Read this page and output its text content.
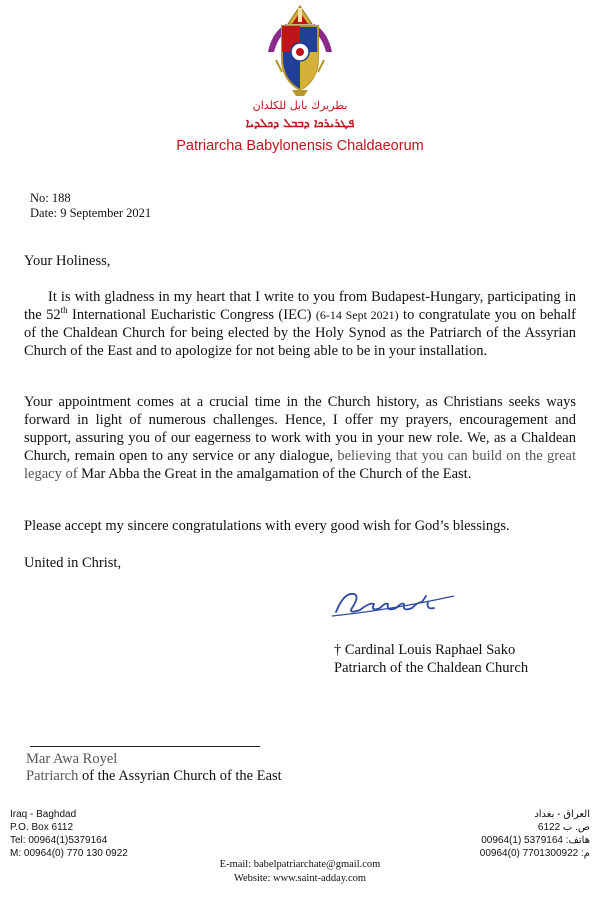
بطريرك بابل للكلدان
ܦܛܪܝܪܟܐ ܕܒܒܠ ܕܟܠܕܝܐ
Patriarcha Babylonensis Chaldaeorum
No: 188
Date: 9 September 2021
Your Holiness,
It is with gladness in my heart that I write to you from Budapest-Hungary, participating in the 52th International Eucharistic Congress (IEC) (6-14 Sept 2021) to congratulate you on behalf of the Chaldean Church for being elected by the Holy Synod as the Patriarch of the Assyrian Church of the East and to apologize for not being able to be in your installation.
Your appointment comes at a crucial time in the Church history, as Christians seeks ways forward in light of numerous challenges. Hence, I offer my prayers, encouragement and support, assuring you of our eagerness to work with you in your new role. We, as a Chaldean Church, remain open to any service or any dialogue, believing that you can build on the great legacy of Mar Abba the Great in the amalgamation of the Church of the East.
Please accept my sincere congratulations with every good wish for God’s blessings.
United in Christ,
† Cardinal Louis Raphael Sako
Patriarch of the Chaldean Church
Mar Awa Royel
Patriarch of the Assyrian Church of the East
Iraq - Baghdad
P.O. Box 6112
Tel: 00964(1)5379164
M: 00964(0) 770 130 0922
العراق - بغداد
ص. ب 6122
هاتف: 5379164 (1)00964
م: 7701300922 (0)00964
E-mail: babelpatriarchate@gmail.com
Website: www.saint-adday.com
